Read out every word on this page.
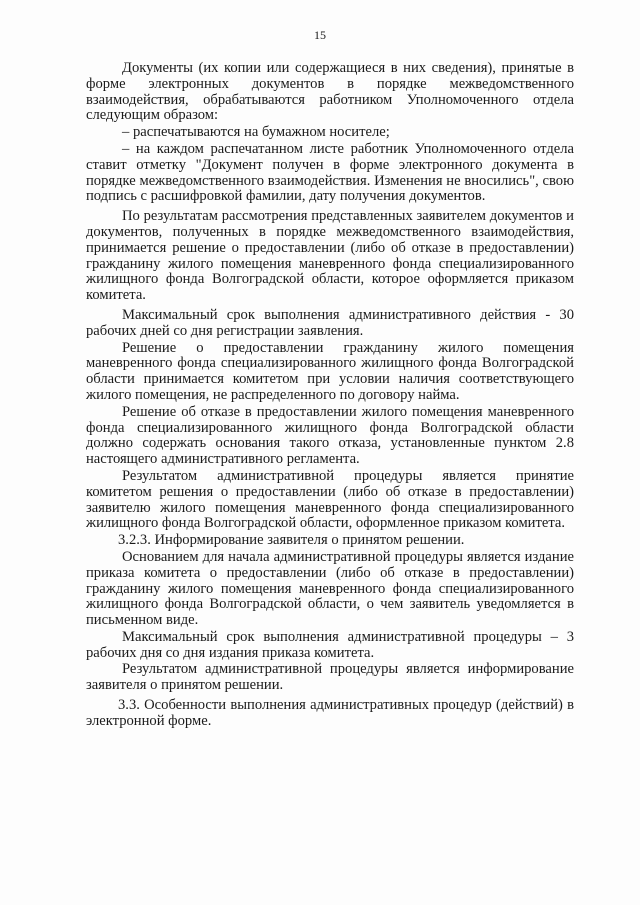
15

Документы (их копии или содержащиеся в них сведения), принятые в форме электронных документов в порядке межведомственного взаимодействия, обрабатываются работником Уполномоченного отдела следующим образом:

– распечатываются на бумажном носителе;

– на каждом распечатанном листе работник Уполномоченного отдела ставит отметку "Документ получен в форме электронного документа в порядке межведомственного взаимодействия. Изменения не вносились", свою подпись с расшифровкой фамилии, дату получения документов.

По результатам рассмотрения представленных заявителем документов и документов, полученных в порядке межведомственного взаимодействия, принимается решение о предоставлении (либо об отказе в предоставлении) гражданину жилого помещения маневренного фонда специализированного жилищного фонда Волгоградской области, которое оформляется приказом комитета.

Максимальный срок выполнения административного действия - 30 рабочих дней со дня регистрации заявления.

Решение о предоставлении гражданину жилого помещения маневренного фонда специализированного жилищного фонда Волгоградской области принимается комитетом при условии наличия соответствующего жилого помещения, не распределенного по договору найма.

Решение об отказе в предоставлении жилого помещения маневренного фонда специализированного жилищного фонда Волгоградской области должно содержать основания такого отказа, установленные пунктом 2.8 настоящего административного регламента.

Результатом административной процедуры является принятие комитетом решения о предоставлении (либо об отказе в предоставлении) заявителю жилого помещения маневренного фонда специализированного жилищного фонда Волгоградской области, оформленное приказом комитета.

3.2.3. Информирование заявителя о принятом решении.

Основанием для начала административной процедуры является издание приказа комитета о предоставлении (либо об отказе в предоставлении) гражданину жилого помещения маневренного фонда специализированного жилищного фонда Волгоградской области, о чем заявитель уведомляется в письменном виде.

Максимальный срок выполнения административной процедуры – 3 рабочих дня со дня издания приказа комитета.

Результатом административной процедуры является информирование заявителя о принятом решении.

3.3. Особенности выполнения административных процедур (действий) в электронной форме.
